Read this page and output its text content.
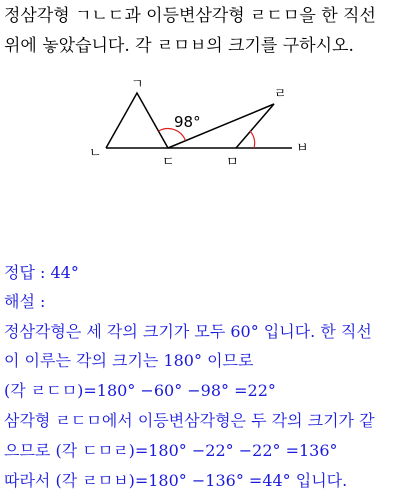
정삼각형 ㄱㄴㄷ과 이등변삼각형 ㄹㄷㅁ을 한 직선
위에 놓았습니다. 각 ㄹㅁㅂ의 크기를 구하시오.
ㄱ
ㄴ
ㄷ
ㄹ
ㅁ
ㅂ
98°
정답 : 44°
해설 :
정삼각형은 세 각의 크기가 모두 60° 입니다. 한 직선
이 이루는 각의 크기는 180° 이므로
(각 ㄹㄷㅁ)=180° −60° −98° =22°
삼각형 ㄹㄷㅁ에서 이등변삼각형은 두 각의 크기가 같
으므로 (각 ㄷㅁㄹ)=180° −22° −22° =136°
따라서 (각 ㄹㅁㅂ)=180° −136° =44° 입니다.
